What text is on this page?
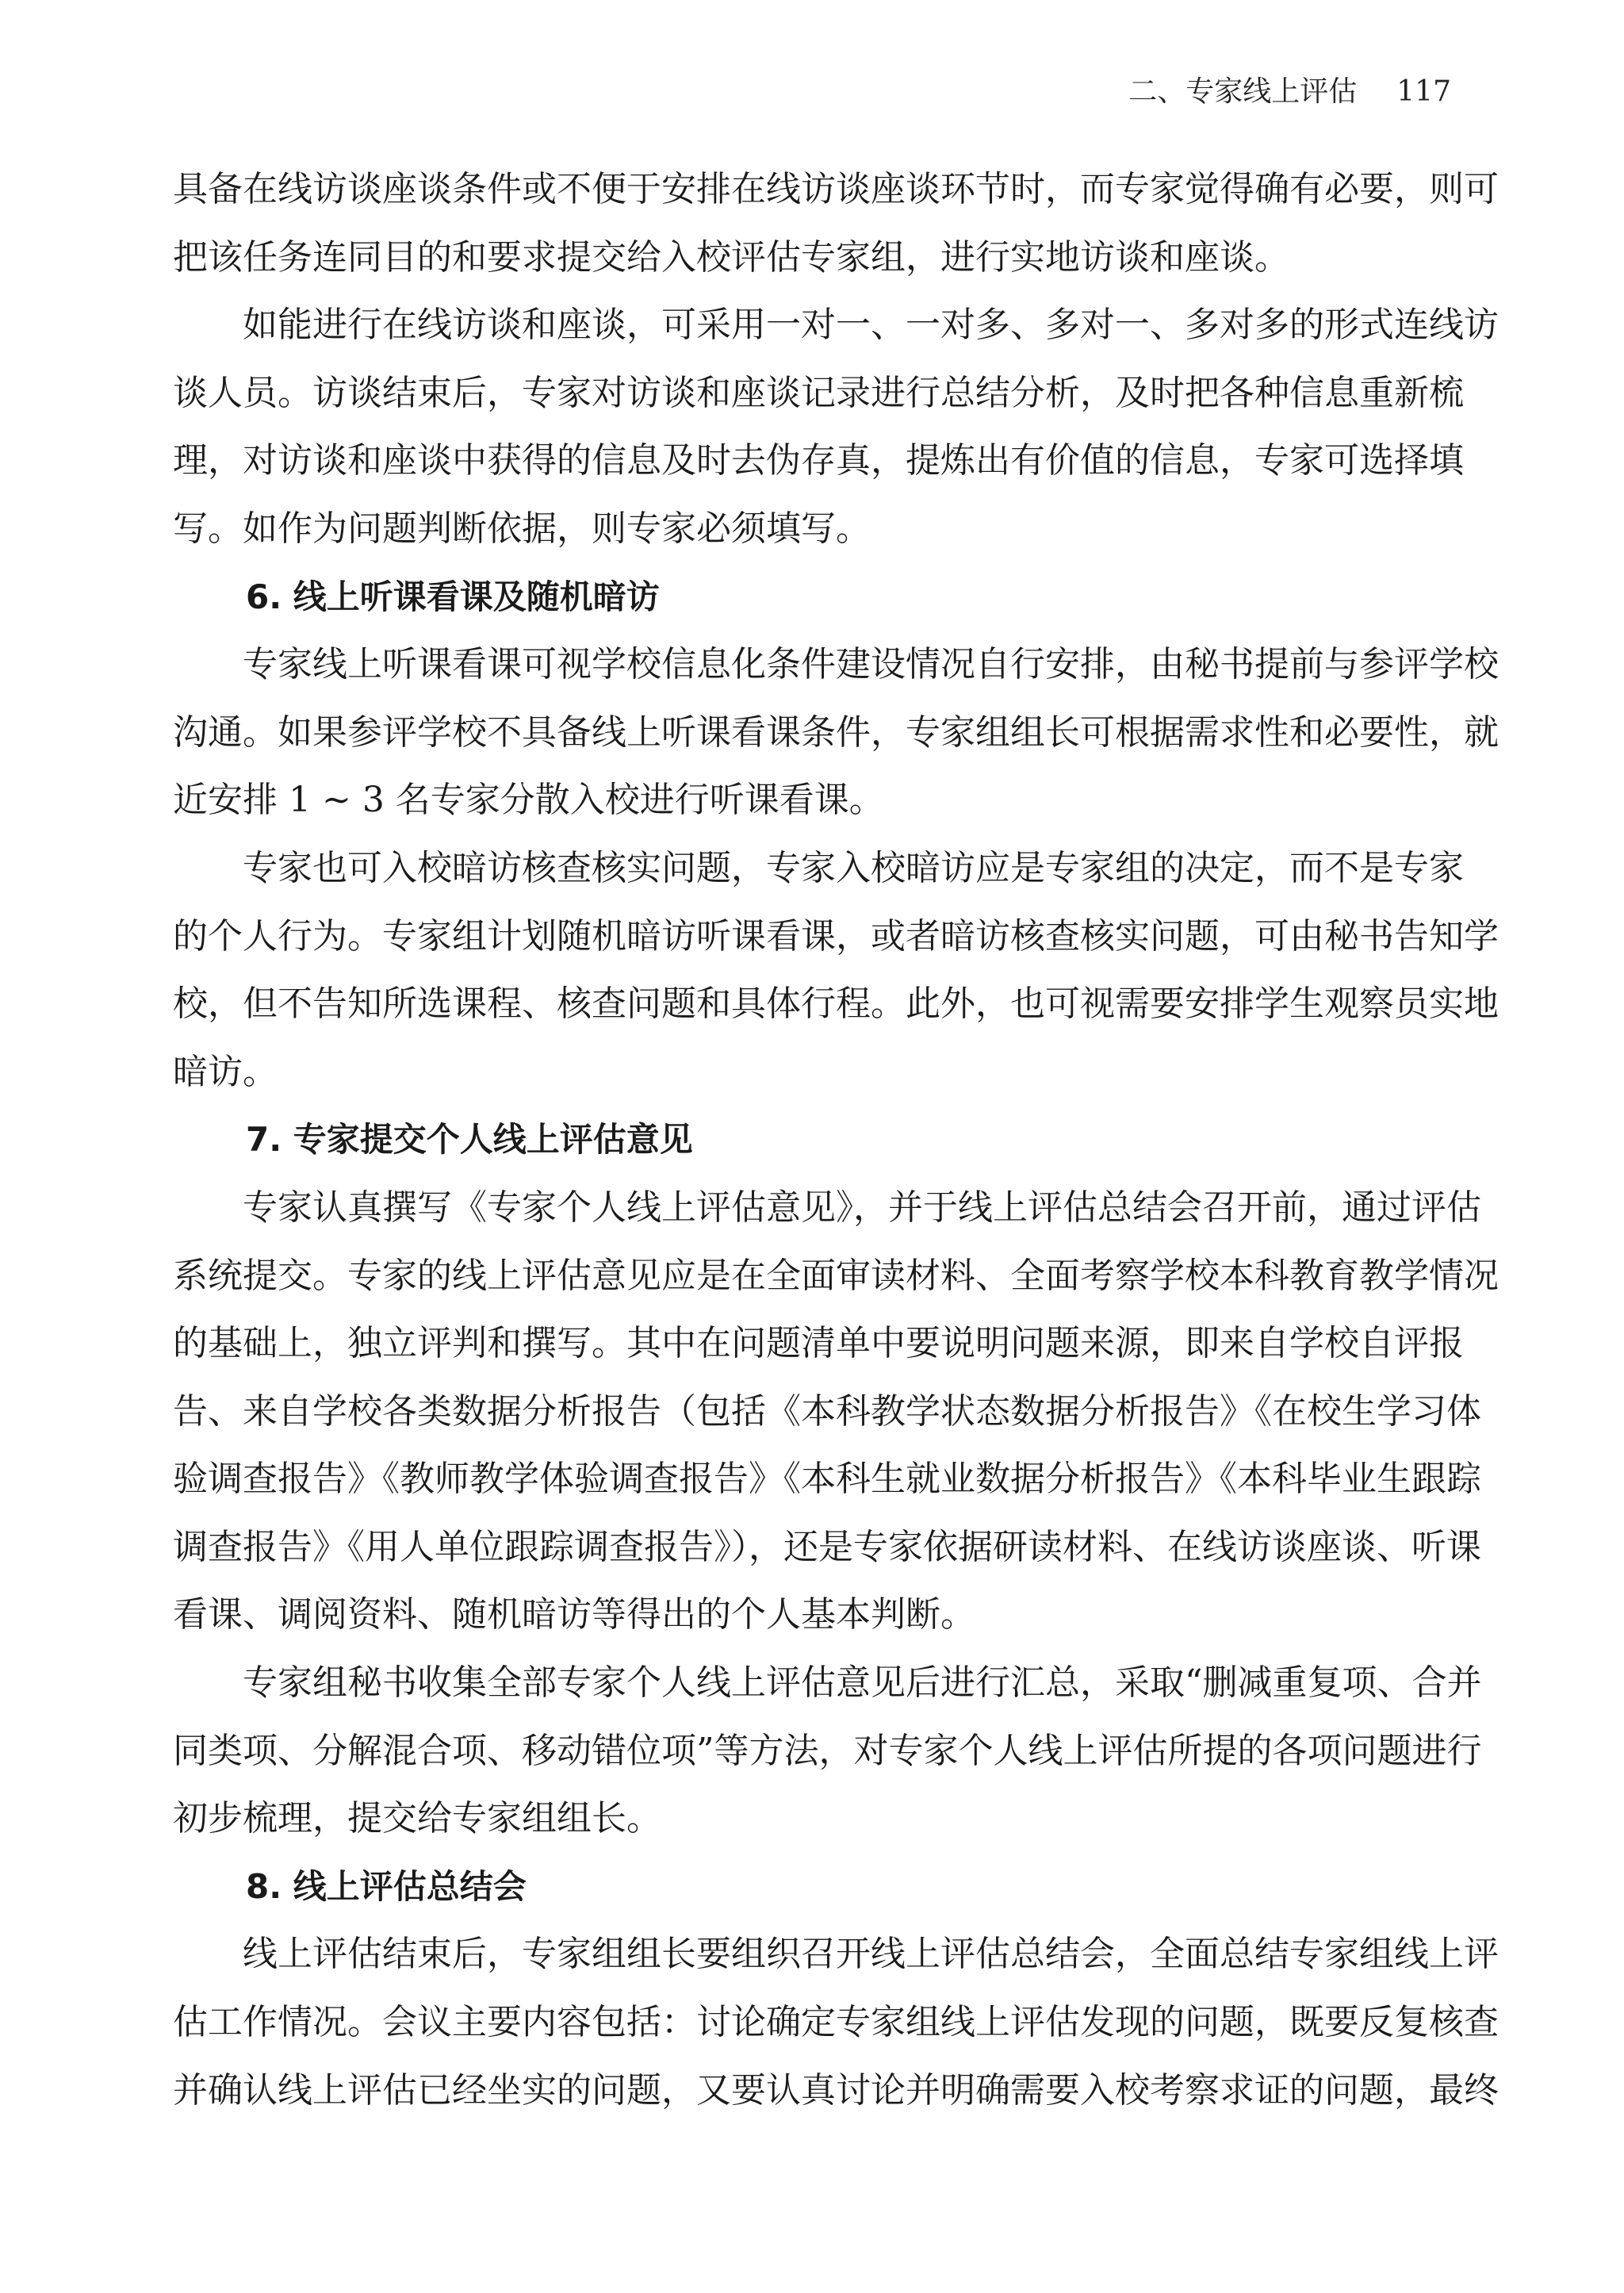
二、专家线上评估 117
具备在线访谈座谈条件或不便于安排在线访谈座谈环节时，而专家觉得确有必要，则可
把该任务连同目的和要求提交给入校评估专家组，进行实地访谈和座谈。
如能进行在线访谈和座谈，可采用一对一、一对多、多对一、多对多的形式连线访
谈人员。访谈结束后，专家对访谈和座谈记录进行总结分析，及时把各种信息重新梳
理，对访谈和座谈中获得的信息及时去伪存真，提炼出有价值的信息，专家可选择填
写。如作为问题判断依据，则专家必须填写。
6. 线上听课看课及随机暗访
专家线上听课看课可视学校信息化条件建设情况自行安排，由秘书提前与参评学校
沟通。如果参评学校不具备线上听课看课条件，专家组组长可根据需求性和必要性，就
近安排 1 ~ 3 名专家分散入校进行听课看课。
专家也可入校暗访核查核实问题，专家入校暗访应是专家组的决定，而不是专家
的个人行为。专家组计划随机暗访听课看课，或者暗访核查核实问题，可由秘书告知学
校，但不告知所选课程、核查问题和具体行程。此外，也可视需要安排学生观察员实地
暗访。
7. 专家提交个人线上评估意见
专家认真撰写《专家个人线上评估意见》，并于线上评估总结会召开前，通过评估
系统提交。专家的线上评估意见应是在全面审读材料、全面考察学校本科教育教学情况
的基础上，独立评判和撰写。其中在问题清单中要说明问题来源，即来自学校自评报
告、来自学校各类数据分析报告（包括《本科教学状态数据分析报告》《在校生学习体
验调查报告》《教师教学体验调查报告》《本科生就业数据分析报告》《本科毕业生跟踪
调查报告》《用人单位跟踪调查报告》），还是专家依据研读材料、在线访谈座谈、听课
看课、调阅资料、随机暗访等得出的个人基本判断。
专家组秘书收集全部专家个人线上评估意见后进行汇总，采取“删减重复项、合并
同类项、分解混合项、移动错位项”等方法，对专家个人线上评估所提的各项问题进行
初步梳理，提交给专家组组长。
8. 线上评估总结会
线上评估结束后，专家组组长要组织召开线上评估总结会，全面总结专家组线上评
估工作情况。会议主要内容包括：讨论确定专家组线上评估发现的问题，既要反复核查
并确认线上评估已经坐实的问题，又要认真讨论并明确需要入校考察求证的问题，最终
